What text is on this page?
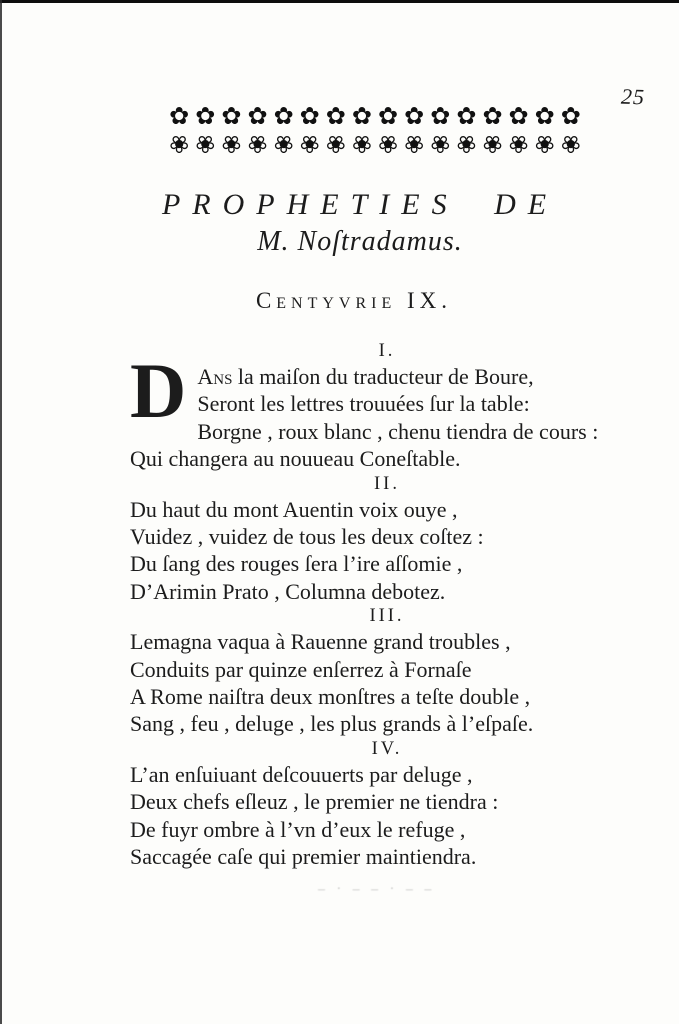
25
✿✿✿✿✿✿✿✿✿✿✿✿✿✿✿✿
❀❀❀❀❀❀❀❀❀❀❀❀❀❀❀❀
PROPHETIES DE
M. Noſtradamus.
Centyvrie IX.
I.
D Ans la maiſon du traducteur de Boure,
Seront les lettres trouuées ſur la table:
Borgne , roux blanc , chenu tiendra de cours :
Qui changera au nouueau Coneſtable.
II.
Du haut du mont Auentin voix ouye ,
Vuidez , vuidez de tous les deux coſtez :
Du ſang des rouges ſera l’ire aſſomie ,
D’Arimin Prato , Columna debotez.
III.
Lemagna vaqua à Rauenne grand troubles ,
Conduits par quinze enſerrez à Fornaſe
A Rome naiſtra deux monſtres a teſte double ,
Sang , feu , deluge , les plus grands à l’eſpaſe.
IV.
L’an enſuiuant deſcouuerts par deluge ,
Deux chefs eſleuz , le premier ne tiendra :
De fuyr ombre à l’vn d’eux le refuge ,
Saccagée caſe qui premier maintiendra.
– · – – · – –
